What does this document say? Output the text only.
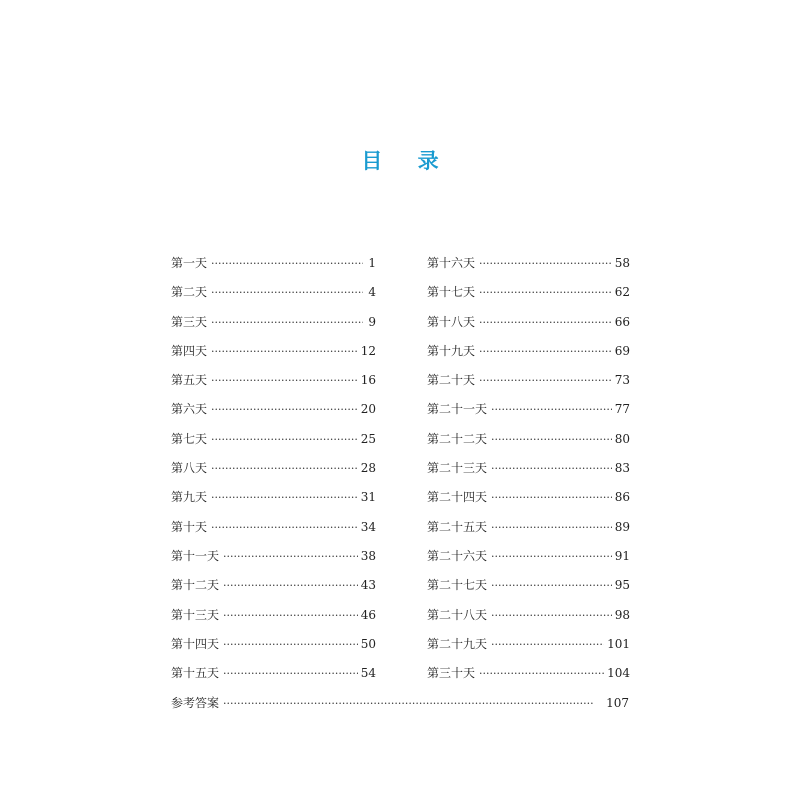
目 录
第一天 ·····	1
第二天 ·····	4
第三天 ·····	9
第四天 ·····	12
第五天 ·····	16
第六天 ·····	20
第七天 ·····	25
第八天 ·····	28
第九天 ·····	31
第十天 ·····	34
第十一天 ·····	38
第十二天 ·····	43
第十三天 ·····	46
第十四天 ·····	50
第十五天 ·····	54
第十六天 ·····	58
第十七天 ·····	62
第十八天 ·····	66
第十九天 ·····	69
第二十天 ·····	73
第二十一天 ·····	77
第二十二天 ·····	80
第二十三天 ·····	83
第二十四天 ·····	86
第二十五天 ·····	89
第二十六天 ·····	91
第二十七天 ·····	95
第二十八天 ·····	98
第二十九天 ·····	101
第三十天 ·····	104
参考答案 ·····	107
